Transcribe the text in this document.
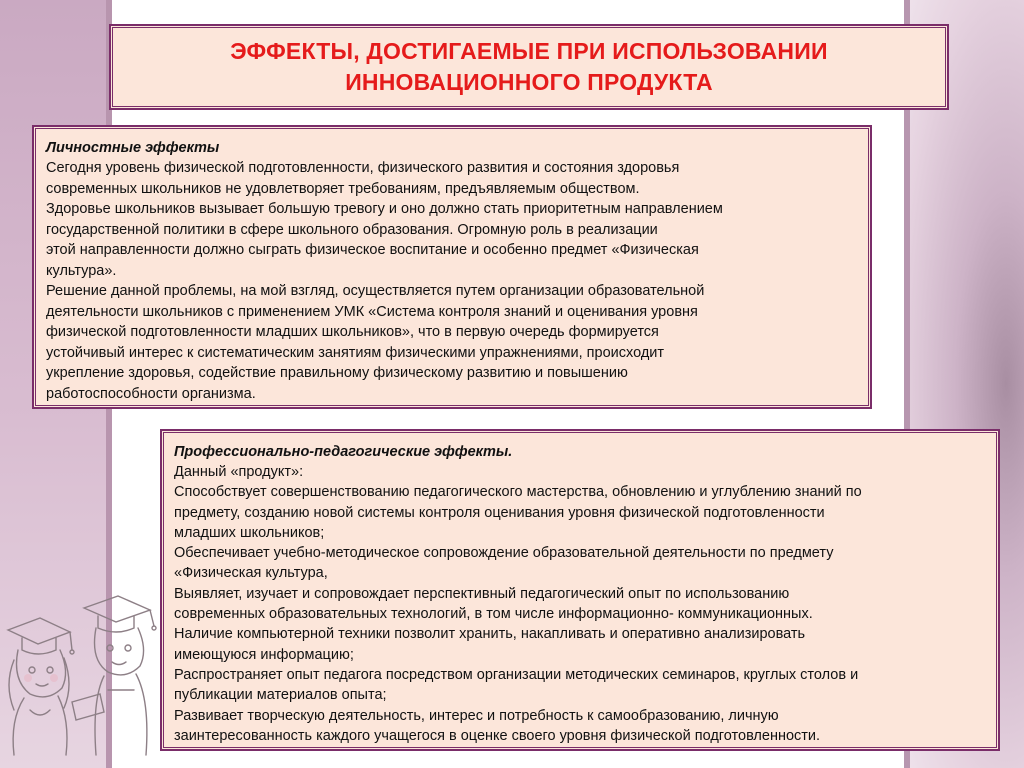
ЭФФЕКТЫ, ДОСТИГАЕМЫЕ ПРИ ИСПОЛЬЗОВАНИИ
ИННОВАЦИОННОГО ПРОДУКТА
Личностные эффекты
Сегодня уровень физической подготовленности, физического развития и состояния здоровья
современных школьников не удовлетворяет требованиям, предъявляемым обществом.
Здоровье школьников вызывает большую тревогу и оно должно стать приоритетным направлением
государственной политики в сфере школьного образования. Огромную роль в реализации
этой направленности должно сыграть физическое воспитание и особенно предмет «Физическая
культура».
Решение данной проблемы, на мой взгляд, осуществляется путем организации образовательной
деятельности школьников с применением УМК «Система контроля знаний и оценивания уровня
физической подготовленности младших школьников», что в первую очередь формируется
устойчивый интерес к систематическим занятиям физическими упражнениями, происходит
укрепление здоровья, содействие правильному физическому развитию и повышению
работоспособности организма.
Профессионально-педагогические эффекты.
Данный «продукт»:
Способствует совершенствованию педагогического мастерства, обновлению и углублению знаний по
предмету, созданию новой системы контроля оценивания уровня физической подготовленности
младших школьников;
Обеспечивает учебно-методическое сопровождение образовательной деятельности по предмету
«Физическая культура,
Выявляет, изучает и сопровождает перспективный педагогический опыт по использованию
современных образовательных технологий, в том числе информационно- коммуникационных.
Наличие компьютерной техники позволит хранить, накапливать и оперативно анализировать
имеющуюся информацию;
Распространяет опыт педагога посредством организации методических семинаров, круглых столов и
публикации материалов опыта;
Развивает творческую деятельность, интерес и потребность к самообразованию, личную
заинтересованность каждого учащегося в оценке своего уровня физической подготовленности.
